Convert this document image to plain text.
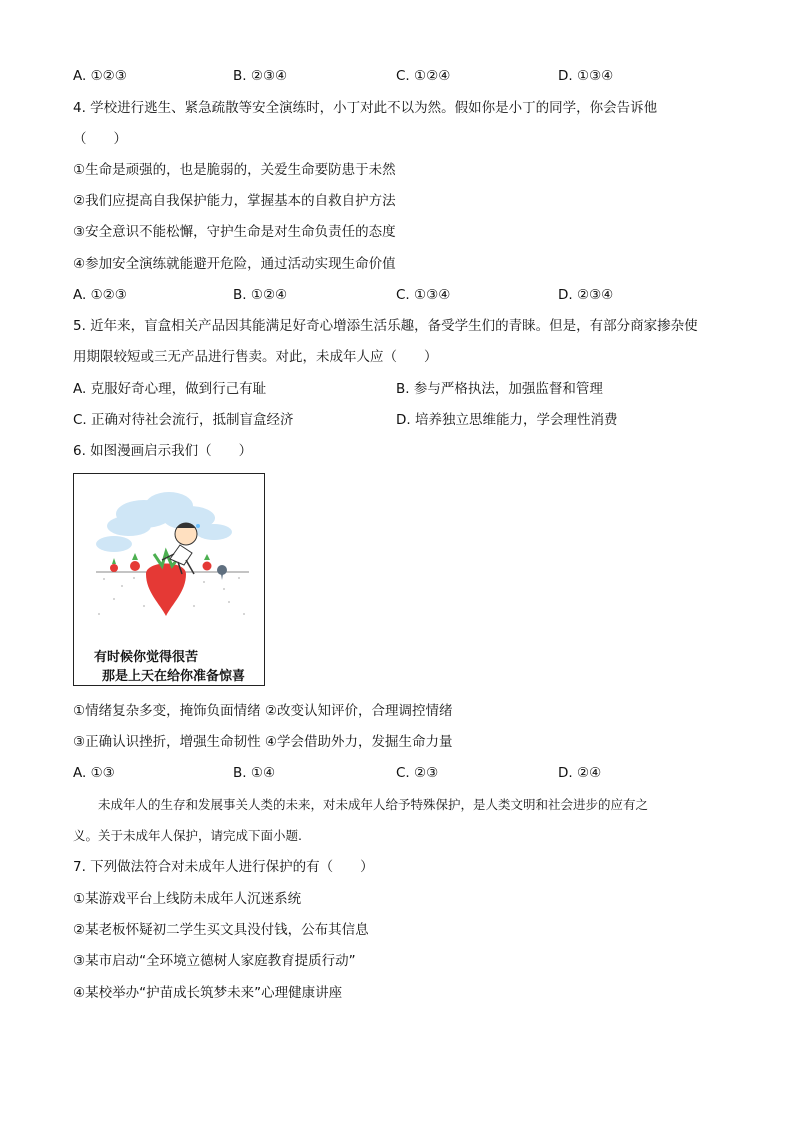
A. ①②③	B. ②③④	C. ①②④	D. ①③④
4. 学校进行逃生、紧急疏散等安全演练时，小丁对此不以为然。假如你是小丁的同学，你会告诉他
（　　）
①生命是顽强的，也是脆弱的，关爱生命要防患于未然
②我们应提高自我保护能力，掌握基本的自救自护方法
③安全意识不能松懈，守护生命是对生命负责任的态度
④参加安全演练就能避开危险，通过活动实现生命价值
A. ①②③	B. ①②④	C. ①③④	D. ②③④
5. 近年来，盲盒相关产品因其能满足好奇心增添生活乐趣，备受学生们的青睐。但是，有部分商家掺杂使
用期限较短或三无产品进行售卖。对此，未成年人应（　　）
A. 克服好奇心理，做到行己有耻	B. 参与严格执法，加强监督和管理
C. 正确对待社会流行，抵制盲盒经济	D. 培养独立思维能力，学会理性消费
6. 如图漫画启示我们（　　）
有时候你觉得很苦
那是上天在给你准备惊喜
①情绪复杂多变，掩饰负面情绪 ②改变认知评价，合理调控情绪
③正确认识挫折，增强生命韧性 ④学会借助外力，发掘生命力量
A. ①③	B. ①④	C. ②③	D. ②④
未成年人的生存和发展事关人类的未来，对未成年人给予特殊保护，是人类文明和社会进步的应有之
义。关于未成年人保护，请完成下面小题.
7. 下列做法符合对未成年人进行保护的有（　　）
①某游戏平台上线防未成年人沉迷系统
②某老板怀疑初二学生买文具没付钱，公布其信息
③某市启动“全环境立德树人家庭教育提质行动”
④某校举办“护苗成长筑梦未来”心理健康讲座
